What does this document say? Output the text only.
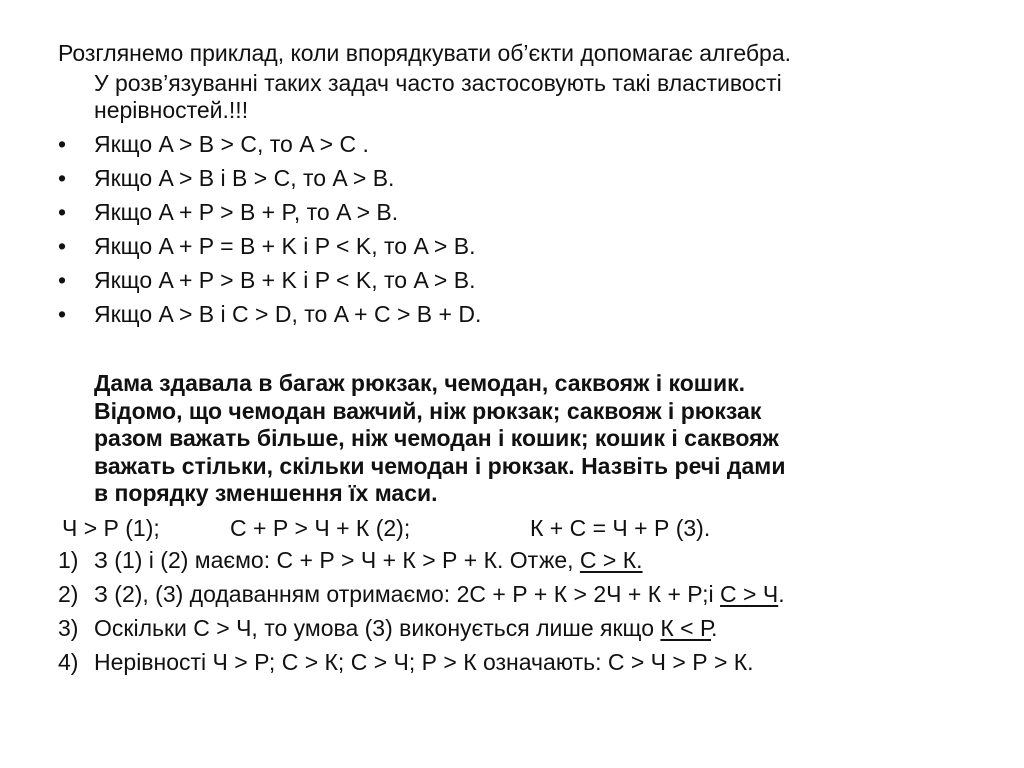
Розглянемо приклад, коли впорядкувати об’єкти допомагає алгебра.
У розв’язуванні таких задач часто застосовують такі властивості
нерівностей.!!!
• Якщо A > B > C, то A > C .
• Якщо A > B і B > C, то A > B.
• Якщо A + P > B + P, то A > B.
• Якщо A + P = B + K і P < K, то A > B.
• Якщо A + P > B + K і P < K, то A > B.
• Якщо A > B і C > D, то A + C > B + D.
Дама здавала в багаж рюкзак, чемодан, саквояж і кошик.
Відомо, що чемодан важчий, ніж рюкзак; саквояж і рюкзак
разом важать більше, ніж чемодан і кошик; кошик і саквояж
важать стільки, скільки чемодан і рюкзак. Назвіть речі дами
в порядку зменшення їх маси.
Ч > Р (1);	С + Р > Ч + К (2);	К + С = Ч + Р (3).
1) З (1) і (2) маємо: С + Р > Ч + К > Р + К. Отже, С > К.
2) З (2), (3) додаванням отримаємо: 2С + Р + К > 2Ч + К + Р;і С > Ч.
3) Оскільки С > Ч, то умова (3) виконується лише якщо К < Р.
4) Нерівності Ч > Р; С > К; С > Ч; Р > К означають: С > Ч > Р > К.
